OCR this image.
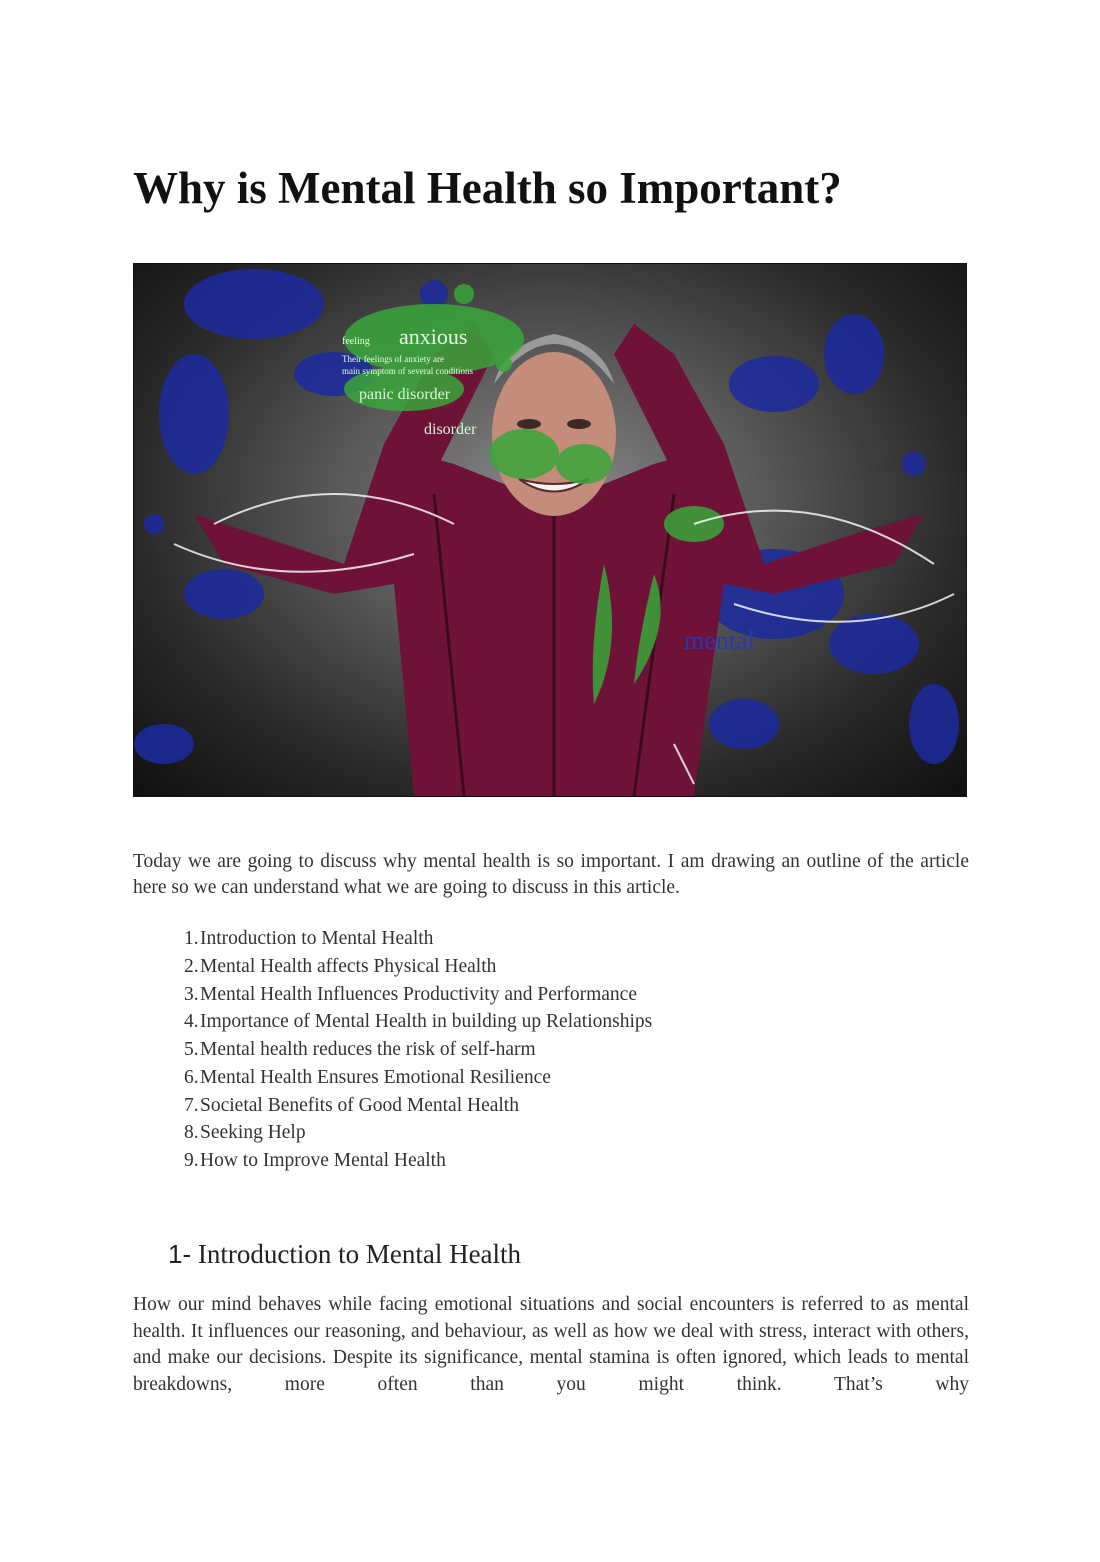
Why is Mental Health so Important?
anxious
panic disorder
disorder
mental
feeling
Their feelings of anxiety are
main symptom of several conditions

Today we are going to discuss why mental health is so important. I am drawing an outline of the article here so we can understand what we are going to discuss in this article.

1. Introduction to Mental Health
2. Mental Health affects Physical Health
3. Mental Health Influences Productivity and Performance
4. Importance of Mental Health in building up Relationships
5. Mental health reduces the risk of self-harm
6. Mental Health Ensures Emotional Resilience
7. Societal Benefits of Good Mental Health
8. Seeking Help
9. How to Improve Mental Health
1- Introduction to Mental Health

How our mind behaves while facing emotional situations and social encounters is referred to as mental health. It influences our reasoning, and behaviour, as well as how we deal with stress, interact with others, and make our decisions. Despite its significance, mental stamina is often ignored, which leads to mental breakdowns, more often than you might think. That’s why
